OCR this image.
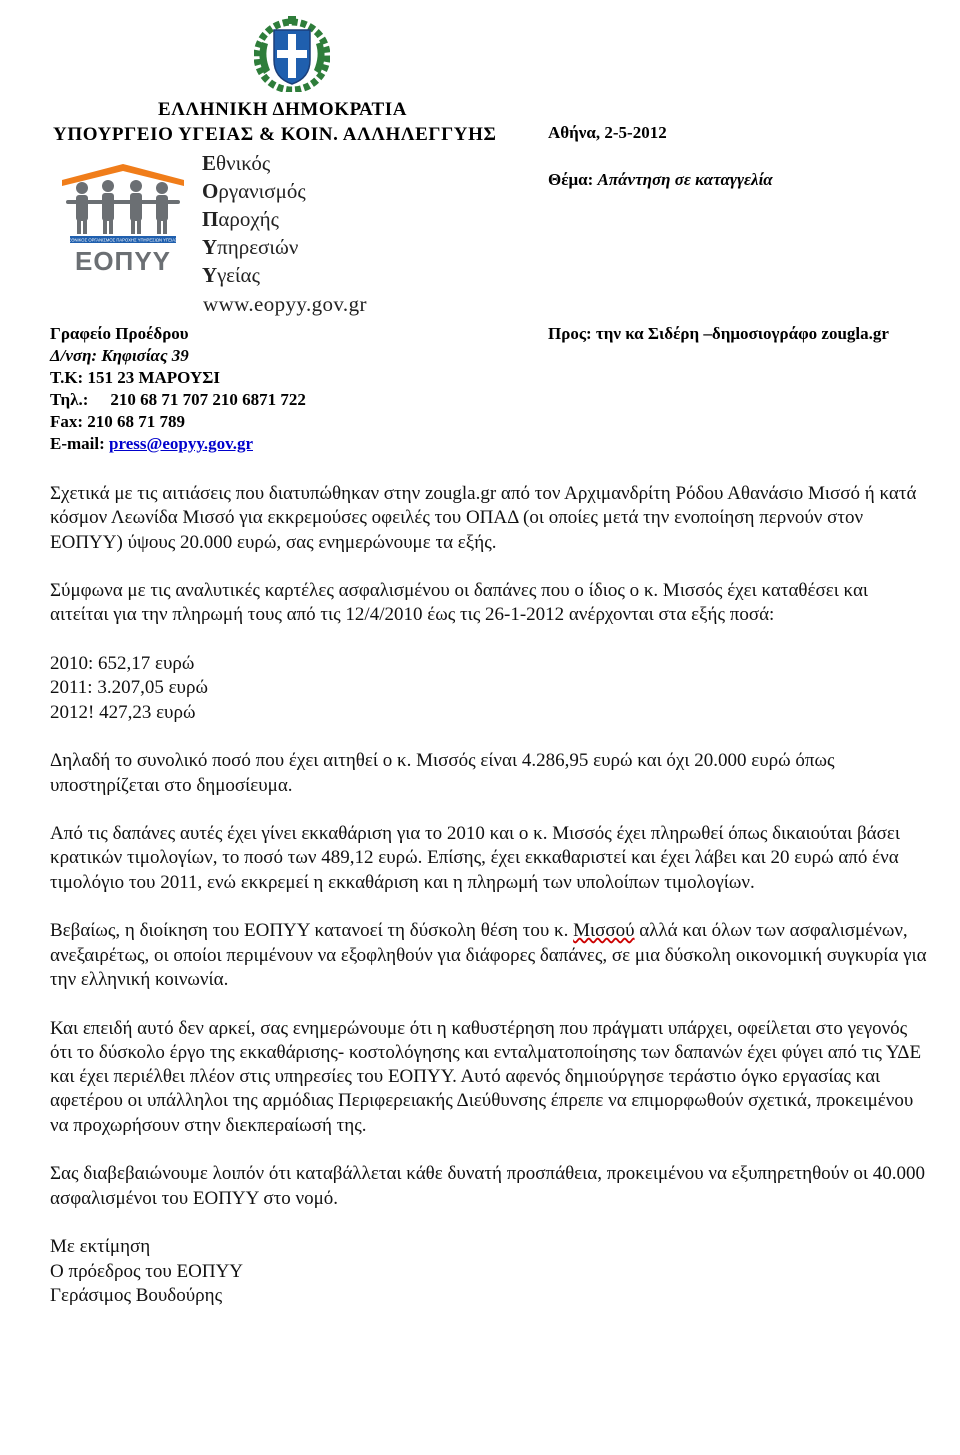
ΕΛΛΗΝΙΚΗ ΔΗΜΟΚΡΑΤΙΑ
ΥΠΟΥΡΓΕΙΟ ΥΓΕΙΑΣ & ΚΟΙΝ. ΑΛΛΗΛΕΓΓΥΗΣ
ΕΘΝΙΚΟΣ ΟΡΓΑΝΙΣΜΟΣ ΠΑΡΟΧΗΣ ΥΠΗΡΕΣΙΩΝ ΥΓΕΙΑΣ
ΕΟΠΥΥ
Εθνικός
Οργανισμός
Παροχής
Υπηρεσιών
Υγείας
www.eopyy.gov.gr
Αθήνα, 2-5-2012
Θέμα: Απάντηση σε καταγγελία
Προς: την κα Σιδέρη –δημοσιογράφο zougla.gr
Γραφείο Προέδρου
Δ/νση: Κηφισίας 39
Τ.Κ: 151 23 ΜΑΡΟΥΣΙ
Τηλ.: 210 68 71 707 210 6871 722
Fax: 210 68 71 789
E-mail: press@eopyy.gov.gr

Σχετικά με τις αιτιάσεις που διατυπώθηκαν στην zougla.gr από τον Αρχιμανδρίτη Ρόδου Αθανάσιο Μισσό ή κατά κόσμον Λεωνίδα Μισσό για εκκρεμούσες οφειλές του ΟΠΑΔ (οι οποίες μετά την ενοποίηση περνούν στον ΕΟΠΥΥ) ύψους 20.000 ευρώ, σας ενημερώνουμε τα εξής.

Σύμφωνα με τις αναλυτικές καρτέλες ασφαλισμένου οι δαπάνες που ο ίδιος ο κ. Μισσός έχει καταθέσει και αιτείται για την πληρωμή τους από τις 12/4/2010 έως τις 26-1-2012 ανέρχονται στα εξής ποσά:

2010: 652,17 ευρώ
2011: 3.207,05 ευρώ
2012! 427,23 ευρώ

Δηλαδή το συνολικό ποσό που έχει αιτηθεί ο κ. Μισσός είναι 4.286,95 ευρώ και όχι 20.000 ευρώ όπως υποστηρίζεται στο δημοσίευμα.

Από τις δαπάνες αυτές έχει γίνει εκκαθάριση για το 2010 και ο κ. Μισσός έχει πληρωθεί όπως δικαιούται βάσει κρατικών τιμολογίων, το ποσό των 489,12 ευρώ. Επίσης, έχει εκκαθαριστεί και έχει λάβει και 20 ευρώ από ένα τιμολόγιο του 2011, ενώ εκκρεμεί η εκκαθάριση και η πληρωμή των υπολοίπων τιμολογίων.

Βεβαίως, η διοίκηση του ΕΟΠΥΥ κατανοεί τη δύσκολη θέση του κ. Μισσού αλλά και όλων των ασφαλισμένων, ανεξαιρέτως, οι οποίοι περιμένουν να εξοφληθούν για διάφορες δαπάνες, σε μια δύσκολη οικονομική συγκυρία για την ελληνική κοινωνία.

Και επειδή αυτό δεν αρκεί, σας ενημερώνουμε ότι η καθυστέρηση που πράγματι υπάρχει, οφείλεται στο γεγονός ότι το δύσκολο έργο της εκκαθάρισης- κοστολόγησης και ενταλματοποίησης των δαπανών έχει φύγει από τις ΥΔΕ και έχει περιέλθει πλέον στις υπηρεσίες του ΕΟΠΥΥ. Αυτό αφενός δημιούργησε τεράστιο όγκο εργασίας και αφετέρου οι υπάλληλοι της αρμόδιας Περιφερειακής Διεύθυνσης έπρεπε να επιμορφωθούν σχετικά, προκειμένου να προχωρήσουν στην διεκπεραίωσή της.

Σας διαβεβαιώνουμε λοιπόν ότι καταβάλλεται κάθε δυνατή προσπάθεια, προκειμένου να εξυπηρετηθούν οι 40.000 ασφαλισμένοι του ΕΟΠΥΥ στο νομό.

Με εκτίμηση
Ο πρόεδρος του ΕΟΠΥΥ
Γεράσιμος Βουδούρης
